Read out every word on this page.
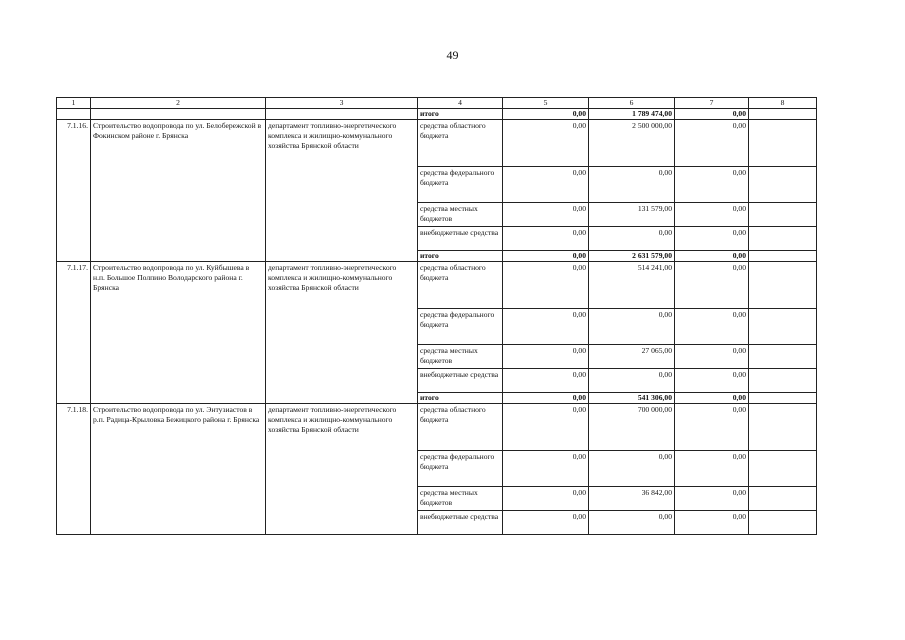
49
1	2	3	4	5	6	7	8
			итого	0,00	1 789 474,00	0,00	
7.1.16.	Строительство водопровода по ул. Белобережской в Фокинском районе г. Брянска	департамент топливно-энергетического комплекса и жилищно-коммунального хозяйства Брянской области	средства областного бюджета	0,00	2 500 000,00	0,00	
			средства федерального бюджета	0,00	0,00	0,00	
			средства местных бюджетов	0,00	131 579,00	0,00	
			внебюджетные средства	0,00	0,00	0,00	
			итого	0,00	2 631 579,00	0,00	
7.1.17.	Строительство водопровода по ул. Куйбышева в н.п. Большое Полпино Володарского района г. Брянска	департамент топливно-энергетического комплекса и жилищно-коммунального хозяйства Брянской области	средства областного бюджета	0,00	514 241,00	0,00	
			средства федерального бюджета	0,00	0,00	0,00	
			средства местных бюджетов	0,00	27 065,00	0,00	
			внебюджетные средства	0,00	0,00	0,00	
			итого	0,00	541 306,00	0,00	
7.1.18.	Строительство водопровода по ул. Энтузиастов в р.п. Радица-Крыловка Бежицкого района г. Брянска	департамент топливно-энергетического комплекса и жилищно-коммунального хозяйства Брянской области	средства областного бюджета	0,00	700 000,00	0,00	
			средства федерального бюджета	0,00	0,00	0,00	
			средства местных бюджетов	0,00	36 842,00	0,00	
			внебюджетные средства	0,00	0,00	0,00	
